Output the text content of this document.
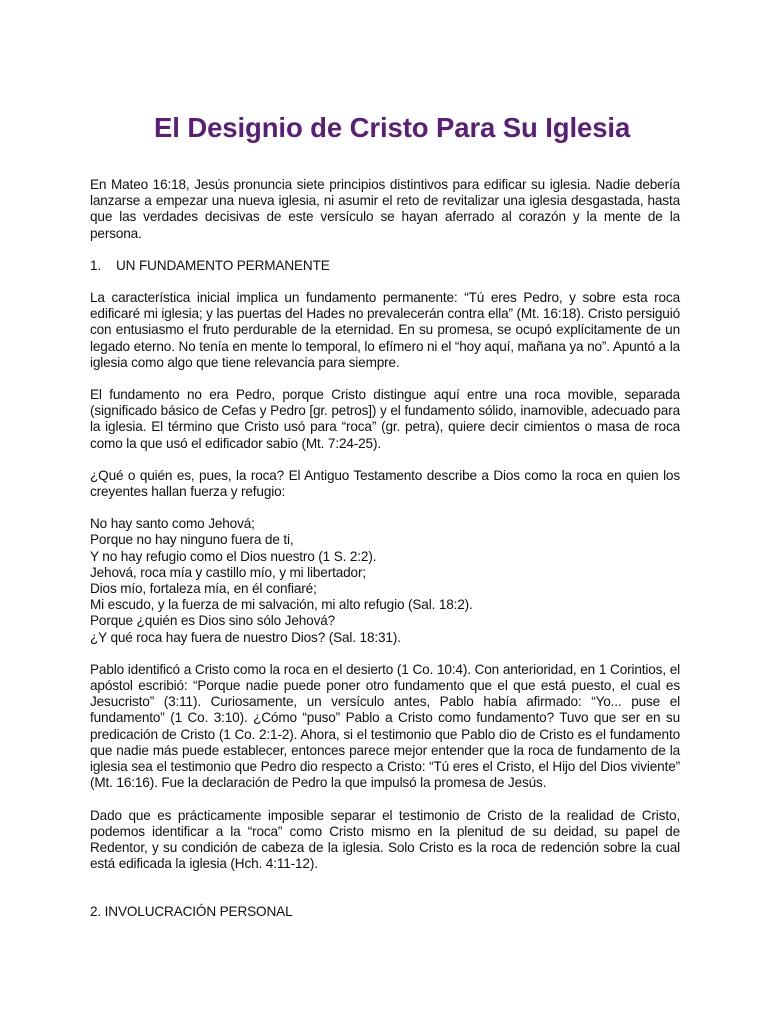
El Designio de Cristo Para Su Iglesia

En Mateo 16:18, Jesús pronuncia siete principios distintivos para edificar su iglesia. Nadie debería lanzarse a empezar una nueva iglesia, ni asumir el reto de revitalizar una iglesia desgastada, hasta que las verdades decisivas de este versículo se hayan aferrado al corazón y la mente de la persona.

1. UN FUNDAMENTO PERMANENTE

La característica inicial implica un fundamento permanente: “Tú eres Pedro, y sobre esta roca edificaré mi iglesia; y las puertas del Hades no prevalecerán contra ella” (Mt. 16:18). Cristo persiguió con entusiasmo el fruto perdurable de la eternidad. En su promesa, se ocupó explícitamente de un legado eterno. No tenía en mente lo temporal, lo efímero ni el “hoy aquí, mañana ya no”. Apuntó a la iglesia como algo que tiene relevancia para siempre.

El fundamento no era Pedro, porque Cristo distingue aquí entre una roca movible, separada (significado básico de Cefas y Pedro [gr. petros]) y el fundamento sólido, inamovible, adecuado para la iglesia. El término que Cristo usó para “roca” (gr. petra), quiere decir cimientos o masa de roca como la que usó el edificador sabio (Mt. 7:24-25).

¿Qué o quién es, pues, la roca? El Antiguo Testamento describe a Dios como la roca en quien los creyentes hallan fuerza y refugio:

No hay santo como Jehová;
Porque no hay ninguno fuera de ti,
Y no hay refugio como el Dios nuestro (1 S. 2:2).
Jehová, roca mía y castillo mío, y mi libertador;
Dios mío, fortaleza mía, en él confiaré;
Mi escudo, y la fuerza de mi salvación, mi alto refugio (Sal. 18:2).
Porque ¿quién es Dios sino sólo Jehová?
¿Y qué roca hay fuera de nuestro Dios? (Sal. 18:31).

Pablo identificó a Cristo como la roca en el desierto (1 Co. 10:4). Con anterioridad, en 1 Corintios, el apóstol escribió: “Porque nadie puede poner otro fundamento que el que está puesto, el cual es Jesucristo” (3:11). Curiosamente, un versículo antes, Pablo había afirmado: “Yo... puse el fundamento” (1 Co. 3:10). ¿Cómo “puso” Pablo a Cristo como fundamento? Tuvo que ser en su predicación de Cristo (1 Co. 2:1-2). Ahora, si el testimonio que Pablo dio de Cristo es el fundamento que nadie más puede establecer, entonces parece mejor entender que la roca de fundamento de la iglesia sea el testimonio que Pedro dio respecto a Cristo: “Tú eres el Cristo, el Hijo del Dios viviente” (Mt. 16:16). Fue la declaración de Pedro la que impulsó la promesa de Jesús.

Dado que es prácticamente imposible separar el testimonio de Cristo de la realidad de Cristo, podemos identificar a la “roca” como Cristo mismo en la plenitud de su deidad, su papel de Redentor, y su condición de cabeza de la iglesia. Solo Cristo es la roca de redención sobre la cual está edificada la iglesia (Hch. 4:11-12).

2. INVOLUCRACIÓN PERSONAL
